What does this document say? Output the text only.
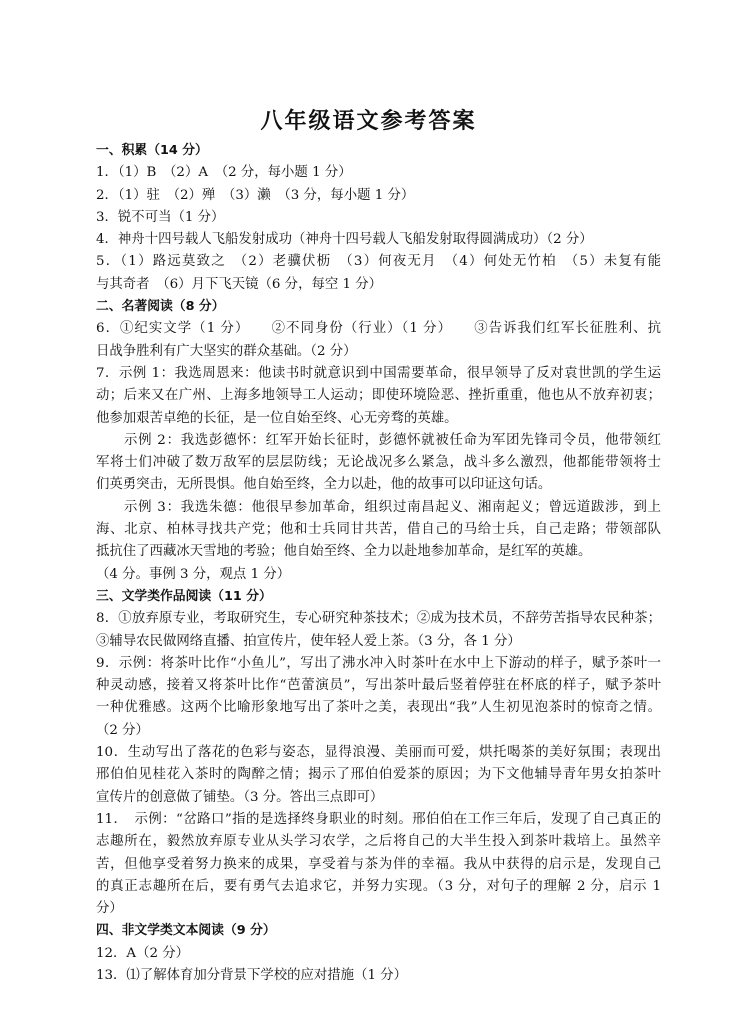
八年级语文参考答案
一、积累（14 分）
1．（1）B　（2）A　（2 分，每小题 1 分）
2．（1）驻　（2）殚　（3）濑　（3 分，每小题 1 分）
3．锐不可当（1 分）
4．神舟十四号载人飞船发射成功（神舟十四号载人飞船发射取得圆满成功）（2 分）
5．（1）路远莫致之　（2）老骥伏枥　（3）何夜无月　（4）何处无竹柏　（5）未复有能
与其奇者　（6）月下飞天镜（6 分，每空 1 分）
二、名著阅读（8 分）
6．①纪实文学（1 分）　　②不同身份（行业）（1 分）　　③告诉我们红军长征胜利、抗
日战争胜利有广大坚实的群众基础。（2 分）
7．示例 1：我选周恩来：他读书时就意识到中国需要革命，很早领导了反对袁世凯的学生运
动；后来又在广州、上海多地领导工人运动；即使环境险恶、挫折重重，他也从不放弃初衷；
他参加艰苦卓绝的长征，是一位自始至终、心无旁骛的英雄。
示例 2：我选彭德怀：红军开始长征时，彭德怀就被任命为军团先锋司令员，他带领红
军将士们冲破了数万敌军的层层防线；无论战况多么紧急，战斗多么激烈，他都能带领将士
们英勇突击，无所畏惧。他自始至终，全力以赴，他的故事可以印证这句话。
示例 3：我选朱德：他很早参加革命，组织过南昌起义、湘南起义；曾远道跋涉，到上
海、北京、柏林寻找共产党；他和士兵同甘共苦，借自己的马给士兵，自己走路；带领部队
抵抗住了西藏冰天雪地的考验；他自始至终、全力以赴地参加革命，是红军的英雄。
（4 分。事例 3 分，观点 1 分）
三、文学类作品阅读（11 分）
8．①放弃原专业，考取研究生，专心研究种茶技术；②成为技术员，不辞劳苦指导农民种茶；
③辅导农民做网络直播、拍宣传片，使年轻人爱上茶。（3 分，各 1 分）
9．示例：将茶叶比作“小鱼儿”，写出了沸水冲入时茶叶在水中上下游动的样子，赋予茶叶一
种灵动感，接着又将茶叶比作“芭蕾演员”，写出茶叶最后竖着停驻在杯底的样子，赋予茶叶
一种优雅感。这两个比喻形象地写出了茶叶之美，表现出“我”人生初见泡茶时的惊奇之情。
（2 分）
10．生动写出了落花的色彩与姿态，显得浪漫、美丽而可爱，烘托喝茶的美好氛围；表现出
邢伯伯见桂花入茶时的陶醉之情；揭示了邢伯伯爱茶的原因；为下文他辅导青年男女拍茶叶
宣传片的创意做了铺垫。（3 分。答出三点即可）
11．　示例：“岔路口”指的是选择终身职业的时刻。邢伯伯在工作三年后，发现了自己真正的
志趣所在，毅然放弃原专业从头学习农学，之后将自己的大半生投入到茶叶栽培上。虽然辛
苦，但他享受着努力换来的成果，享受着与茶为伴的幸福。我从中获得的启示是，发现自己
的真正志趣所在后，要有勇气去追求它，并努力实现。（3 分，对句子的理解 2 分，启示 1
分）
四、非文学类文本阅读（9 分）
12．A（2 分）
13．⑴了解体育加分背景下学校的应对措施（1 分）
